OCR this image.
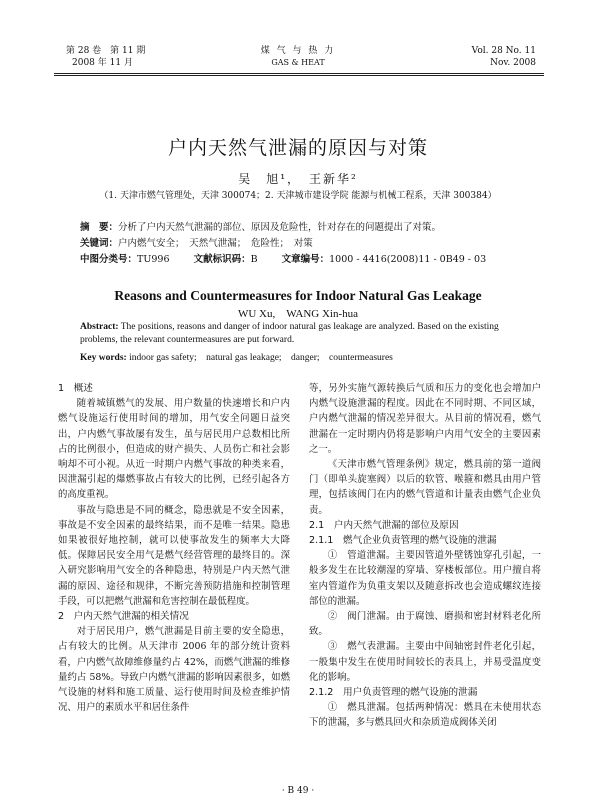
第 28 卷　第 11 期
2008 年 11 月
煤 气 与 热 力
GAS & HEAT
Vol. 28 No. 11
Nov. 2008
户内天然气泄漏的原因与对策
吴　旭¹，　王新华²
（1. 天津市燃气管理处，天津 300074；2. 天津城市建设学院 能源与机械工程系，天津 300384）
摘　要：分析了户内天然气泄漏的部位、原因及危险性，针对存在的问题提出了对策。
关键词：户内燃气安全；　天然气泄漏；　危险性；　对策
中图分类号：TU996	文献标识码：B	文章编号：1000 - 4416(2008)11 - 0B49 - 03
Reasons and Countermeasures for Indoor Natural Gas Leakage
WU Xu,　WANG Xin-hua
Abstract: The positions, reasons and danger of indoor natural gas leakage are analyzed. Based on the existing problems, the relevant countermeasures are put forward.
Key words: indoor gas safety;　natural gas leakage;　danger;　countermeasures

1　概述

随着城镇燃气的发展、用户数量的快速增长和户内燃气设施运行使用时间的增加，用气安全问题日益突出，户内燃气事故屡有发生，虽与居民用户总数相比所占的比例很小，但造成的财产损失、人员伤亡和社会影响却不可小视。从近一时期户内燃气事故的种类来看，因泄漏引起的爆燃事故占有较大的比例，已经引起各方的高度重视。

事故与隐患是不同的概念，隐患就是不安全因素，事故是不安全因素的最终结果，而不是唯一结果。隐患如果被很好地控制，就可以使事故发生的频率大大降低。保障居民安全用气是燃气经营管理的最终目的。深入研究影响用气安全的各种隐患，特别是户内天然气泄漏的原因、途径和规律，不断完善预防措施和控制管理手段，可以把燃气泄漏和危害控制在最低程度。

2　户内天然气泄漏的相关情况

对于居民用户，燃气泄漏是目前主要的安全隐患，占有较大的比例。从天津市 2006 年的部分统计资料看，户内燃气故障维修量约占 42%，而燃气泄漏的维修量约占 58%。导致户内燃气泄漏的影响因素很多，如燃气设施的材料和施工质量、运行使用时间及检查维护情况、用户的素质水平和居住条件

等，另外实施气源转换后气质和压力的变化也会增加户内燃气设施泄漏的程度。因此在不同时期、不同区域，户内燃气泄漏的情况差异很大。从目前的情况看，燃气泄漏在一定时期内仍将是影响户内用气安全的主要因素之一。

《天津市燃气管理条例》规定，燃具前的第一道阀门（即单头旋塞阀）以后的软管、喉箍和燃具由用户管理，包括该阀门在内的燃气管道和计量表由燃气企业负责。

2.1　户内天然气泄漏的部位及原因

2.1.1　燃气企业负责管理的燃气设施的泄漏

①　管道泄漏。主要因管道外壁锈蚀穿孔引起，一般多发生在比较潮湿的穿墙、穿楼板部位。用户擅自将室内管道作为负重支架以及随意拆改也会造成螺纹连接部位的泄漏。

②　阀门泄漏。由于腐蚀、磨损和密封材料老化所致。

③　燃气表泄漏。主要由中间轴密封件老化引起，一般集中发生在使用时间较长的表具上，并易受温度变化的影响。

2.1.2　用户负责管理的燃气设施的泄漏

①　燃具泄漏。包括两种情况：燃具在未使用状态下的泄漏，多与燃具回火和杂质造成阀体关闭

· B 49 ·
